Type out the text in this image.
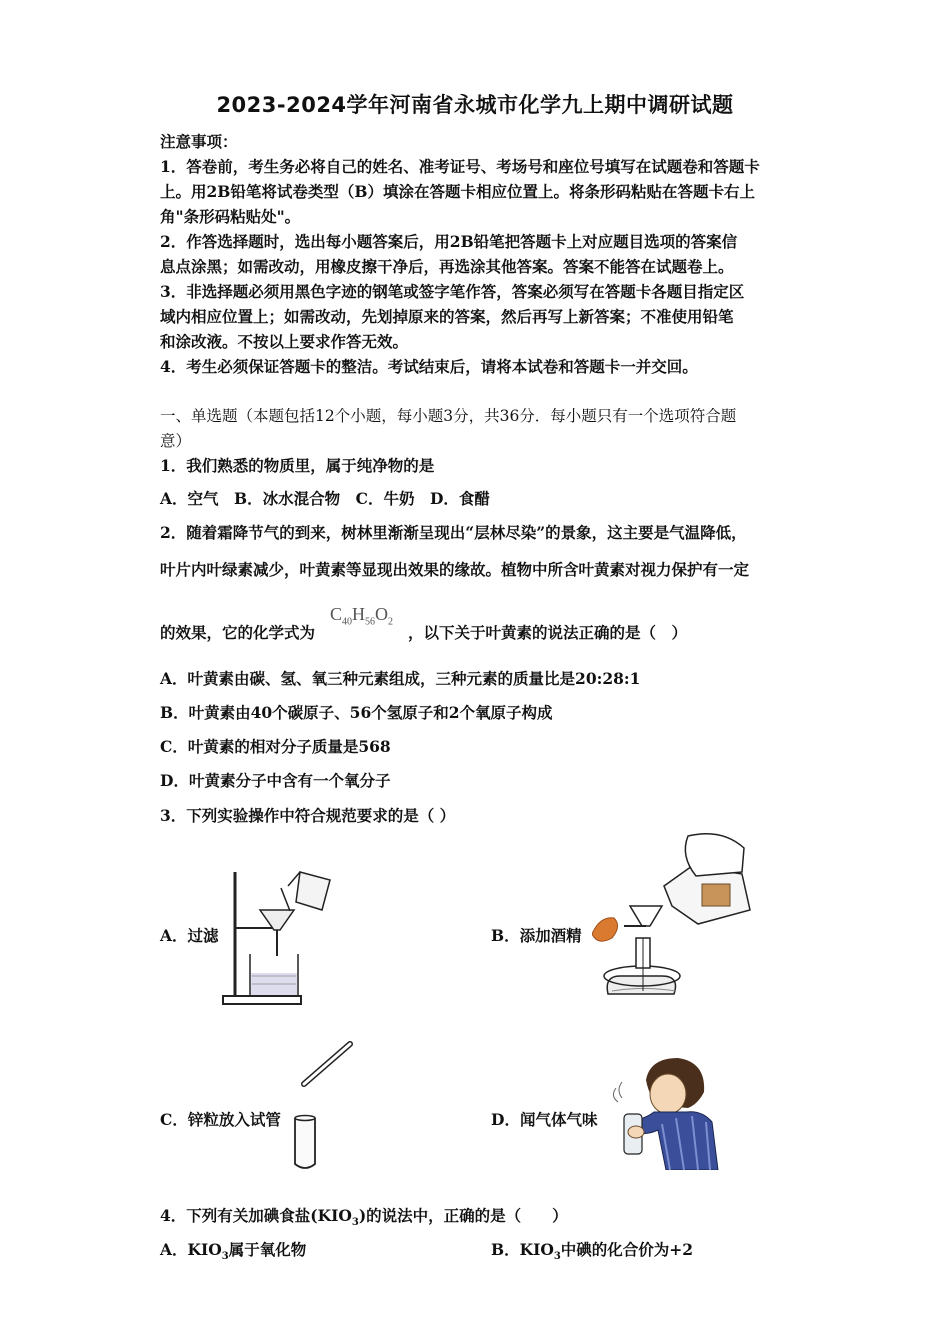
2023-2024学年河南省永城市化学九上期中调研试题
注意事项：
1．答卷前，考生务必将自己的姓名、准考证号、考场号和座位号填写在试题卷和答题卡
上。用2B铅笔将试卷类型（B）填涂在答题卡相应位置上。将条形码粘贴在答题卡右上
角"条形码粘贴处"。
2．作答选择题时，选出每小题答案后，用2B铅笔把答题卡上对应题目选项的答案信
息点涂黑；如需改动，用橡皮擦干净后，再选涂其他答案。答案不能答在试题卷上。
3．非选择题必须用黑色字迹的钢笔或签字笔作答，答案必须写在答题卡各题目指定区
域内相应位置上；如需改动，先划掉原来的答案，然后再写上新答案；不准使用铅笔
和涂改液。不按以上要求作答无效。
4．考生必须保证答题卡的整洁。考试结束后，请将本试卷和答题卡一并交回。
一、单选题（本题包括12个小题，每小题3分，共36分．每小题只有一个选项符合题
意）
1．我们熟悉的物质里，属于纯净物的是
A．空气　B．冰水混合物　C．牛奶　D．食醋
2．随着霜降节气的到来，树林里渐渐呈现出“层林尽染”的景象，这主要是气温降低，
叶片内叶绿素减少，叶黄素等显现出效果的缘故。植物中所含叶黄素对视力保护有一定
的效果，它的化学式为
$C_{40}H_{56}O_2$
，以下关于叶黄素的说法正确的是（　）
A．叶黄素由碳、氢、氧三种元素组成，三种元素的质量比是20:28:1
B．叶黄素由40个碳原子、56个氢原子和2个氧原子构成
C．叶黄素的相对分子质量是568
D．叶黄素分子中含有一个氧分子
3．下列实验操作中符合规范要求的是（ ）
A．过滤	B．添加酒精
C．锌粒放入试管	D．闻气体气味
4．下列有关加碘食盐$(KIO_3)$的说法中，正确的是（　　）
A．$KIO_3$属于氧化物	B．$KIO_3$中碘的化合价为+2
